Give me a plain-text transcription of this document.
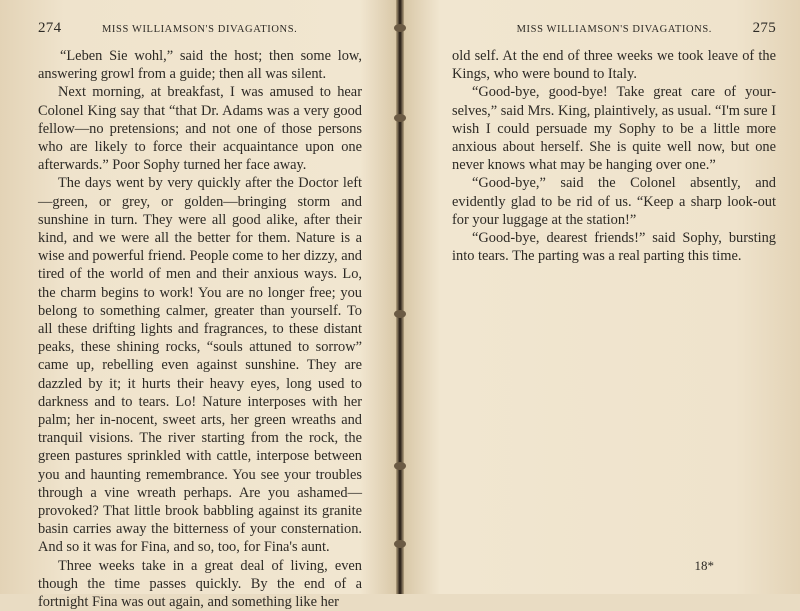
274	MISS WILLIAMSON'S DIVAGATIONS.

“Leben Sie wohl,” said the host; then some low, answering growl from a guide; then all was silent.

Next morning, at breakfast, I was amused to hear Colonel King say that “that Dr. Adams was a very good fellow—no pretensions; and not one of those persons who are likely to force their acquaintance upon one afterwards.” Poor Sophy turned her face away.

The days went by very quickly after the Doctor left—green, or grey, or golden—bringing storm and sunshine in turn. They were all good alike, after their kind, and we were all the better for them. Nature is a wise and powerful friend. People come to her dizzy, and tired of the world of men and their anxious ways. Lo, the charm begins to work! You are no longer free; you belong to something calmer, greater than yourself. To all these drifting lights and fragrances, to these distant peaks, these shining rocks, “souls attuned to sorrow” came up, rebelling even against sunshine. They are dazzled by it; it hurts their heavy eyes, long used to darkness and to tears. Lo! Nature interposes with her palm; her in-nocent, sweet arts, her green wreaths and tranquil visions. The river starting from the rock, the green pastures sprinkled with cattle, interpose between you and haunting remembrance. You see your troubles through a vine wreath perhaps. Are you ashamed—provoked? That little brook babbling against its granite basin carries away the bitterness of your consternation. And so it was for Fina, and so, too, for Fina's aunt.

Three weeks take in a great deal of living, even though the time passes quickly. By the end of a fortnight Fina was out again, and something like her

MISS WILLIAMSON'S DIVAGATIONS.	275

old self. At the end of three weeks we took leave of the Kings, who were bound to Italy.

“Good-bye, good-bye! Take great care of your-selves,” said Mrs. King, plaintively, as usual. “I'm sure I wish I could persuade my Sophy to be a little more anxious about herself. She is quite well now, but one never knows what may be hanging over one.”

“Good-bye,” said the Colonel absently, and evidently glad to be rid of us. “Keep a sharp look-out for your luggage at the station!”

“Good-bye, dearest friends!” said Sophy, bursting into tears. The parting was a real parting this time.

18*
